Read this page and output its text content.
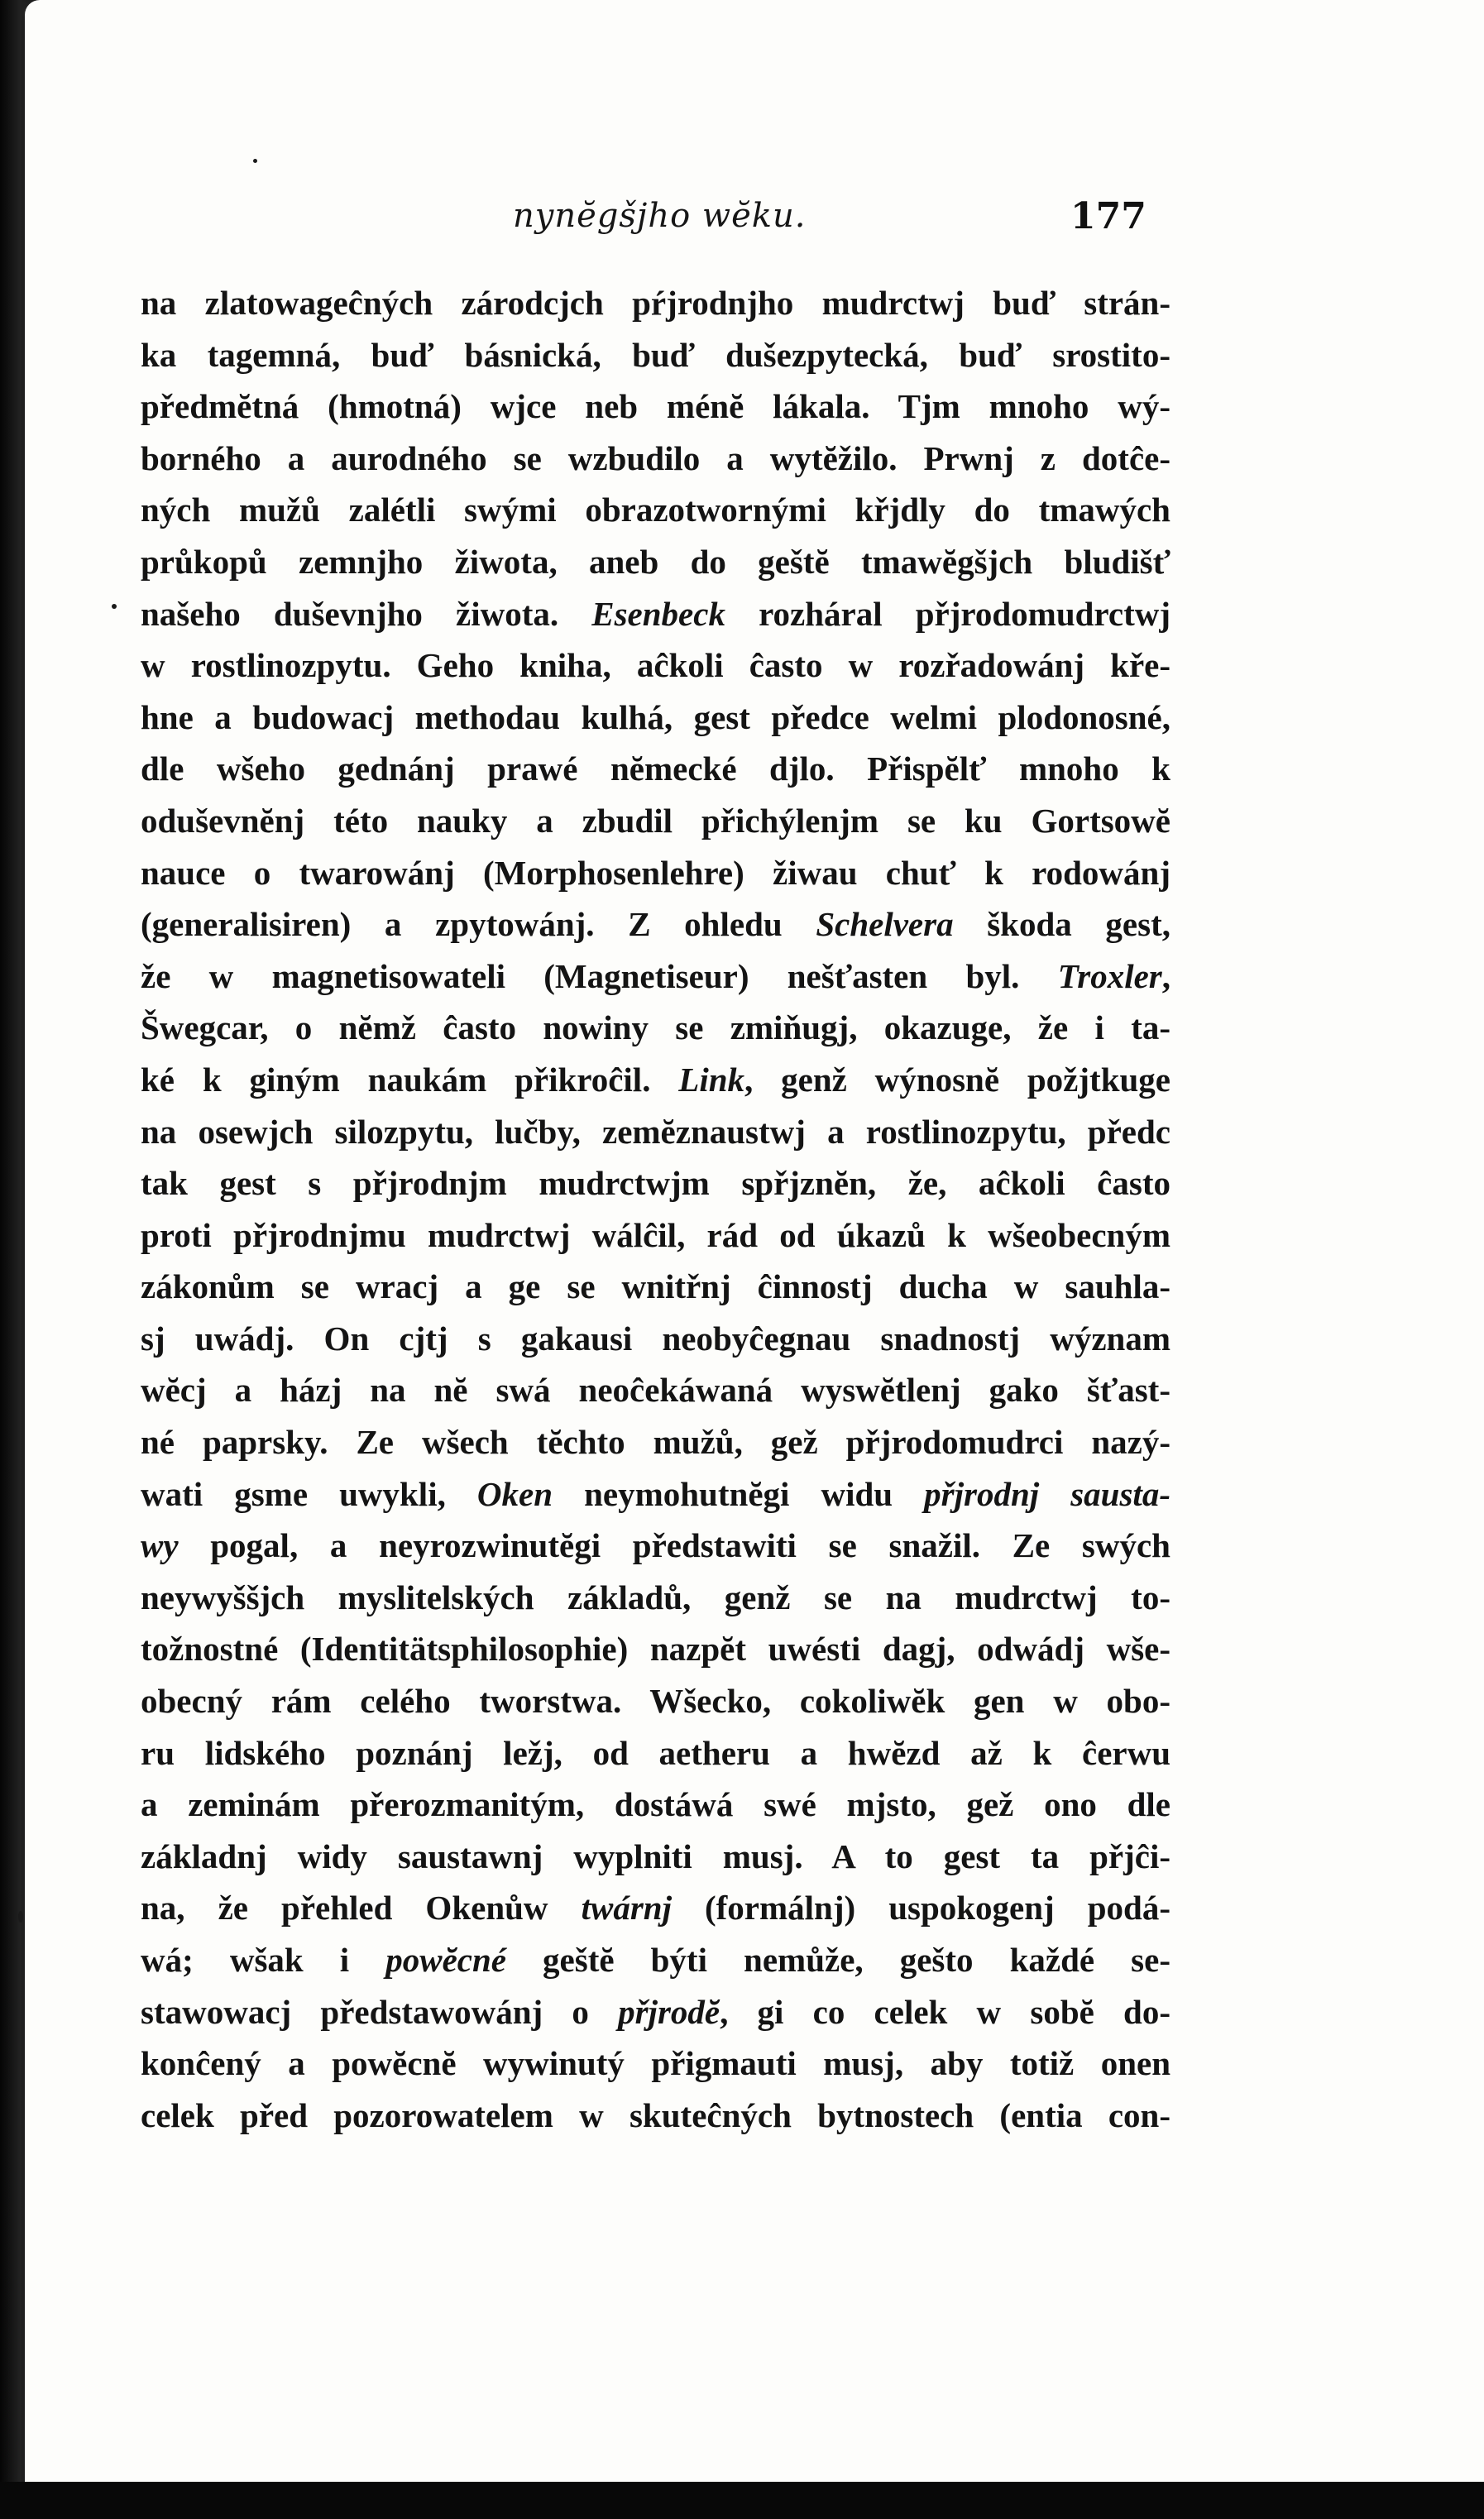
nynĕgšjho wĕku.	177
na zlatowageĉných zárodcjch pŕjrodnjho mudrctwj buď strán-
ka tagemná, buď básnická, buď dušezpytecká, buď srostito-
předmĕtná (hmotná) wjce neb ménĕ lákala. Tjm mnoho wý-
borného a aurodného se wzbudilo a wytĕžilo. Prwnj z dotĉe-
ných mužů zalétli swými obrazotwornými křjdly do tmawých
průkopů zemnjho žiwota, aneb do geštĕ tmawĕgšjch bludišť
našeho duševnjho žiwota. Esenbeck rozháral přjrodomudrctwj
w rostlinozpytu. Geho kniha, aĉkoli ĉasto w rozřadowánj křе-
hne a budowacj methodau kulhá, gest předce welmi plodonosné,
dle wšeho gednánj prawé nĕmecké djlo. Přispĕlť mnoho k
oduševnĕnj této nauky a zbudil přichýlenjm se ku Gortsowĕ
nauce o twarowánj (Morphosenlehre) žiwau chuť k rodowánj
(generalisiren) a zpytowánj. Z ohledu Schelvera škoda gest,
že w magnetisowateli (Magnetiseur) nešťasten byl. Troxler,
Šwegcar, o nĕmž ĉasto nowiny se zmiňugj, okazuge, že i ta-
ké k giným naukám přikroĉil. Link, genž wýnosnĕ požjtkuge
na osewjch silozpytu, lučby, zemĕznaustwj a rostlinozpytu, předc
tak gest s přjrodnjm mudrctwjm spřjznĕn, že, aĉkoli ĉasto
proti přjrodnjmu mudrctwj wálĉil, rád od úkazů k wšeobecným
zákonům se wracj a ge se wnitřnj ĉinnostj ducha w sauhla-
sj uwádj. On cjtj s gakausi neobyĉegnau snadnostj wýznam
wĕcj a házj na nĕ swá neoĉekáwaná wyswĕtlenj gako šťast-
né paprsky. Ze wšech tĕchto mužů, gež přjrodomudrci nazý-
wati gsme uwykli, Oken neymohutnĕgi widu přjrodnj sausta-
wy pogal, a neyrozwinutĕgi předstawiti se snažil. Ze swých
neywyššjch myslitelských základů, genž se na mudrctwj to-
tožnostné (Identitätsphilosophie) nazpĕt uwésti dagj, odwádj wše-
obecný rám celého tworstwa. Wšecko, cokoliwĕk gen w obo-
ru lidského poznánj ležj, od aetheru a hwĕzd až k ĉerwu
a zeminám přerozmanitým, dostáwá swé mjsto, gež ono dle
základnj widy saustawnj wyplniti musj. A to gest ta přjĉi-
na, že přehled Okenůw twárnj (formálnj) uspokogenj podá-
wá; wšak i powĕcné geštĕ býti nemůže, gešto každé se-
stawowacj předstawowánj o přjrodĕ, gi co celek w sobĕ do-
konĉený a powĕcnĕ wywinutý přigmauti musj, aby totiž onen
celek před pozorowatelem w skuteĉných bytnostech (entia con-
